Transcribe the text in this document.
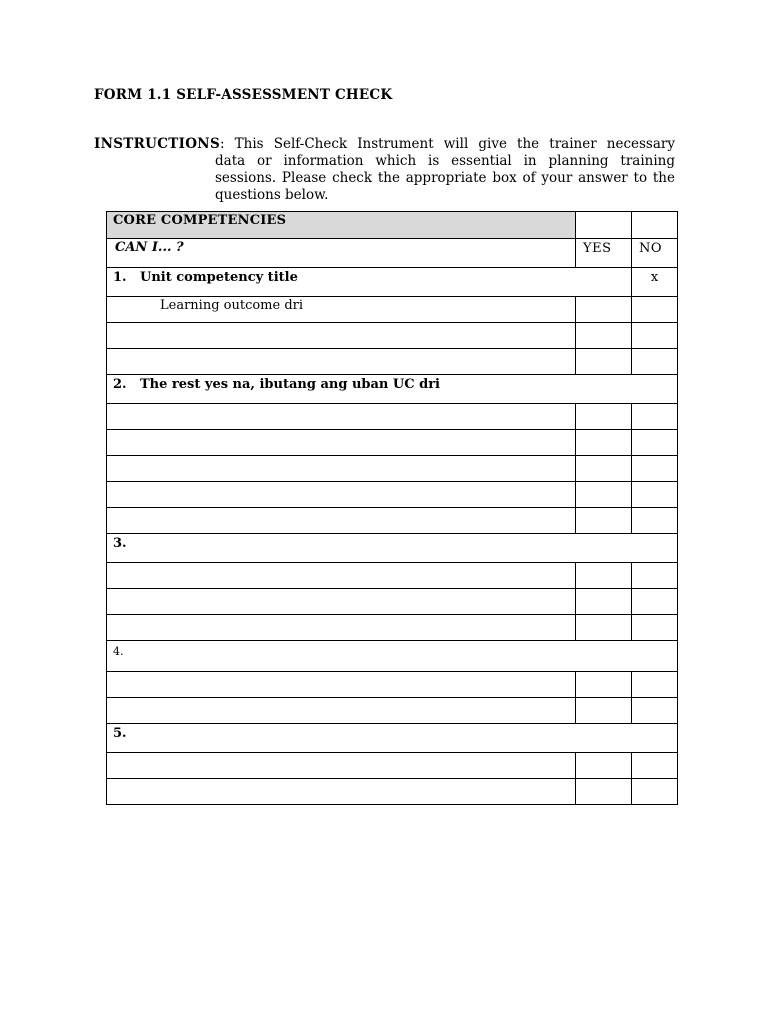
FORM 1.1 SELF-ASSESSMENT CHECK
INSTRUCTIONS: This Self-Check Instrument will give the trainer necessary
data or information which is essential in planning training sessions. Please check the appropriate box of your answer to the questions below.
CORE COMPETENCIES		
CAN I... ?	YES	NO
1. Unit competency title		x
Learning outcome dri		

2. The rest yes na, ibutang ang uban UC dri		

3.		

4.		

5.		
